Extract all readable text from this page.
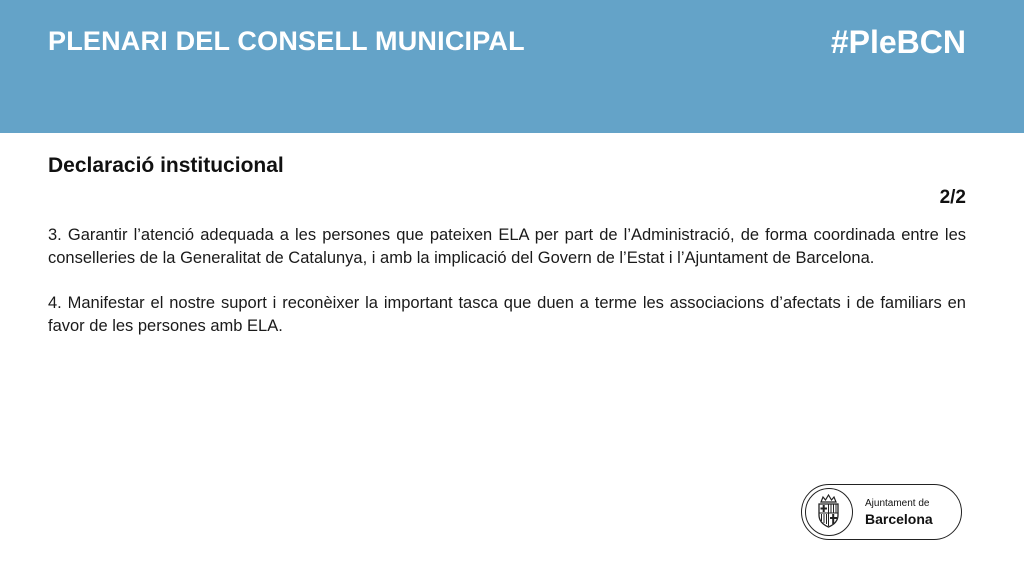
PLENARI DEL CONSELL MUNICIPAL	#PleBCN
Declaració institucional
2/2

3. Garantir l’atenció adequada a les persones que pateixen ELA per part de l’Administració, de forma coordinada entre les conselleries de la Generalitat de Catalunya, i amb la implicació del Govern de l’Estat i l’Ajuntament de Barcelona.

4. Manifestar el nostre suport i reconèixer la important tasca que duen a terme les associacions d’afectats i de familiars en favor de les persones amb ELA.

Ajuntament de
Barcelona
